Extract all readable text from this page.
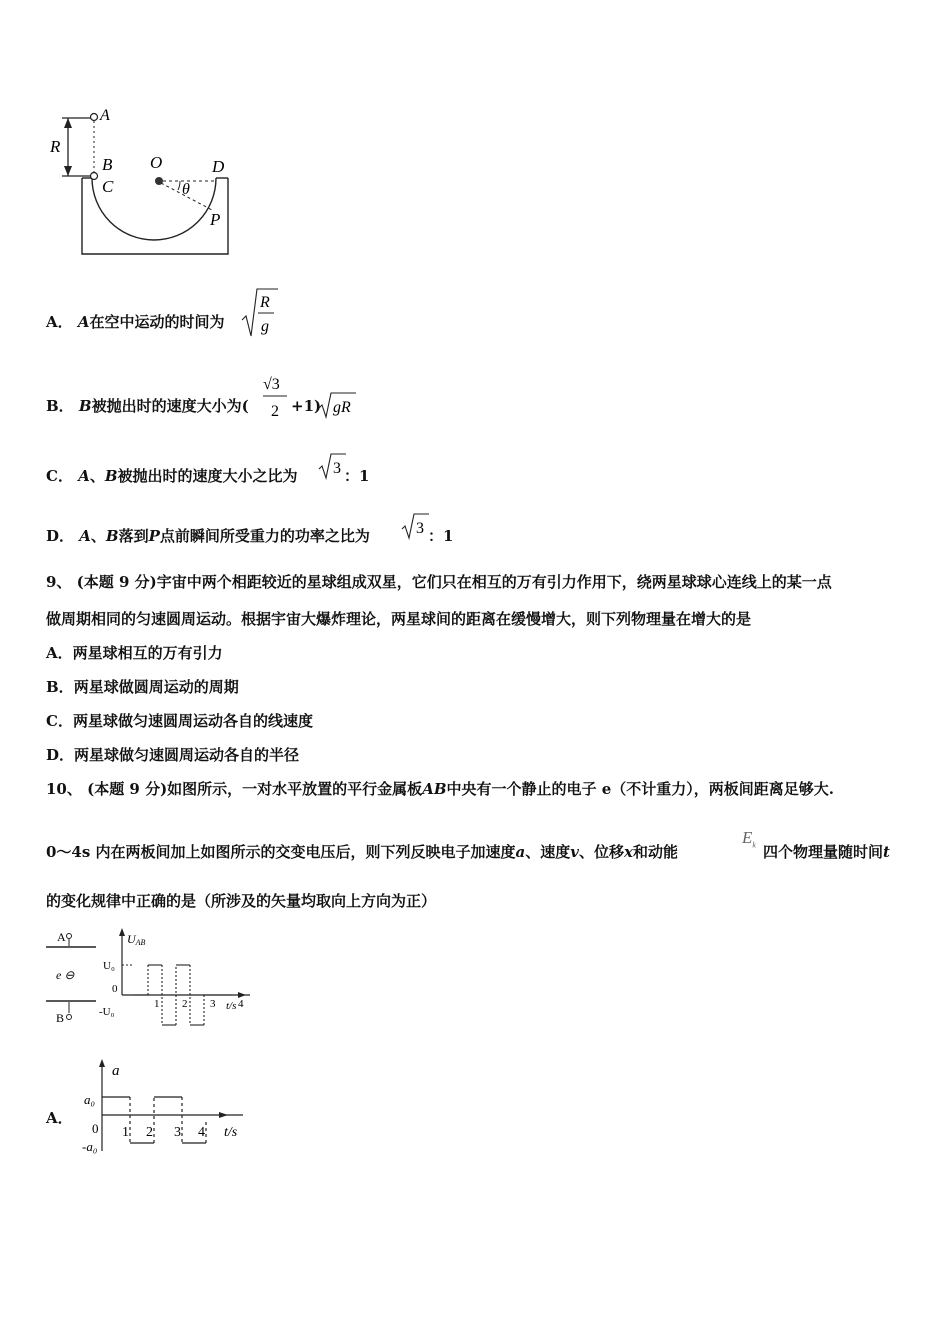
A
R
B O	D
C	θ
P
A． A在空中运动的时间为
R
g
B． B被抛出时的速度大小为(
√3
2 +1) gR
C． A、B被抛出时的速度大小之比为 3 ：1
D． A、B落到P点前瞬间所受重力的功率之比为	3 ：1
9、 (本题 9 分)宇宙中两个相距较近的星球组成双星，它们只在相互的万有引力作用下，绕两星球球心连线上的某一点
做周期相同的匀速圆周运动。根据宇宙大爆炸理论，两星球间的距离在缓慢增大，则下列物理量在增大的是
A．两星球相互的万有引力
B．两星球做圆周运动的周期
C．两星球做匀速圆周运动各自的线速度
D．两星球做匀速圆周运动各自的半径
10、 (本题 9 分)如图所示，一对水平放置的平行金属板AB中央有一个静止的电子 e（不计重力），两板间距离足够大.
0～4s 内在两板间加上如图所示的交变电压后，则下列反映电子加速度a、速度v、位移x和动能
$E_k$ 四个物理量随时间t
的变化规律中正确的是（所涉及的矢量均取向上方向为正）
A
e ⊖
B
UAB
U₀
0
-U₀
1 2 3 4
t/s
A．
a
a₀
0
-a₀
1 2 3 4 t/s
